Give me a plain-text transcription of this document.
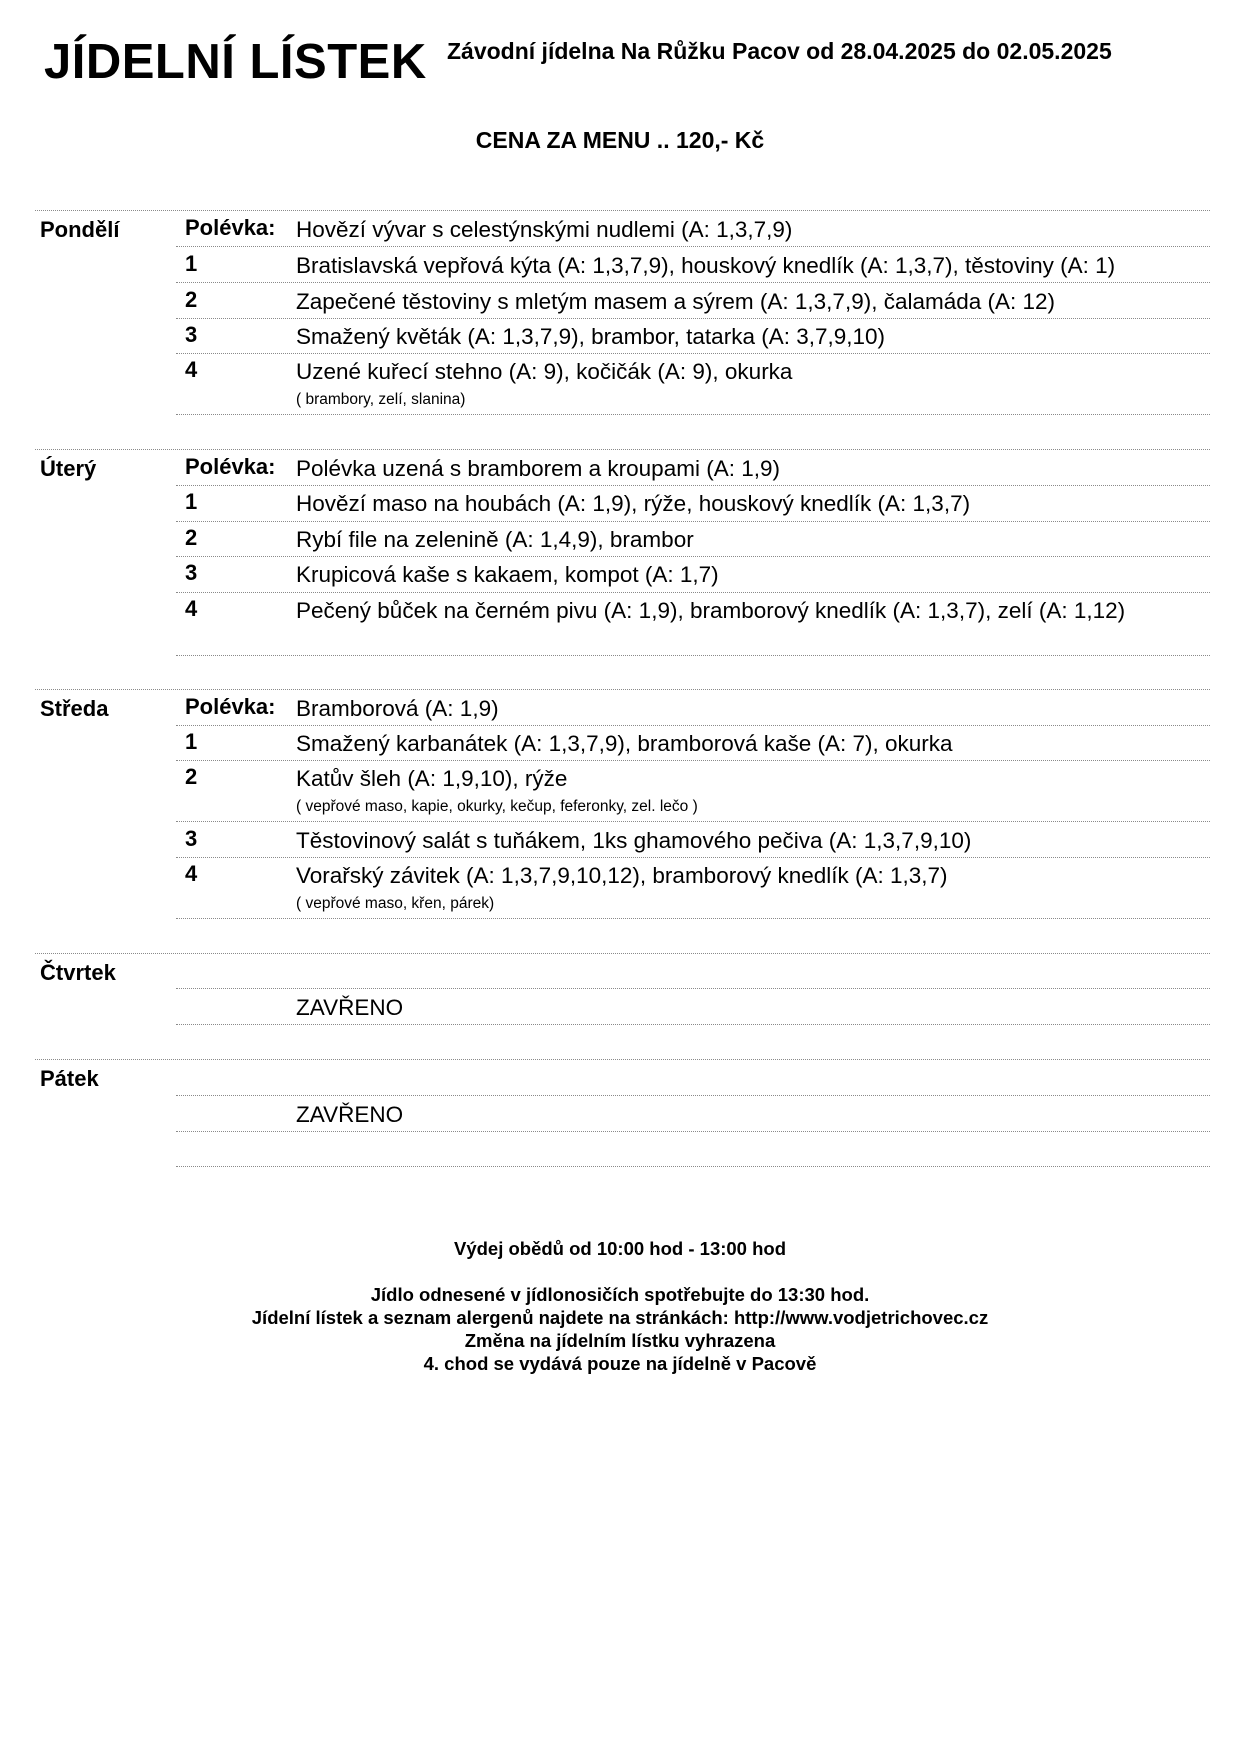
JÍDELNÍ LÍSTEK Závodní jídelna Na Růžku Pacov od 28.04.2025 do 02.05.2025
CENA ZA MENU .. 120,- Kč
Pondělí	Polévka: Hovězí vývar s celestýnskými nudlemi (A: 1,3,7,9)
1	Bratislavská vepřová kýta (A: 1,3,7,9), houskový knedlík (A: 1,3,7), těstoviny (A: 1)
2	Zapečené těstoviny s mletým masem a sýrem (A: 1,3,7,9), čalamáda (A: 12)
3	Smažený květák (A: 1,3,7,9), brambor, tatarka (A: 3,7,9,10)
4	Uzené kuřecí stehno (A: 9), kočičák (A: 9), okurka
( brambory, zelí, slanina)
Úterý	Polévka: Polévka uzená s bramborem a kroupami (A: 1,9)
1	Hovězí maso na houbách (A: 1,9), rýže, houskový knedlík (A: 1,3,7)
2	Rybí file na zelenině (A: 1,4,9), brambor
3	Krupicová kaše s kakaem, kompot (A: 1,7)
4	Pečený bůček na černém pivu (A: 1,9), bramborový knedlík (A: 1,3,7), zelí (A: 1,12)
Středa	Polévka: Bramborová (A: 1,9)
1	Smažený karbanátek (A: 1,3,7,9), bramborová kaše (A: 7), okurka
2	Katův šleh (A: 1,9,10), rýže
( vepřové maso, kapie, okurky, kečup, feferonky, zel. lečo )
3	Těstovinový salát s tuňákem, 1ks ghamového pečiva (A: 1,3,7,9,10)
4	Vorařský závitek (A: 1,3,7,9,10,12), bramborový knedlík (A: 1,3,7)
( vepřové maso, křen, párek)
Čtvrtek
ZAVŘENO
Pátek
ZAVŘENO
Výdej obědů od 10:00 hod - 13:00 hod
Jídlo odnesené v jídlonosičích spotřebujte do 13:30 hod.
Jídelní lístek a seznam alergenů najdete na stránkách: http://www.vodjetrichovec.cz
Změna na jídelním lístku vyhrazena
4. chod se vydává pouze na jídelně v Pacově
